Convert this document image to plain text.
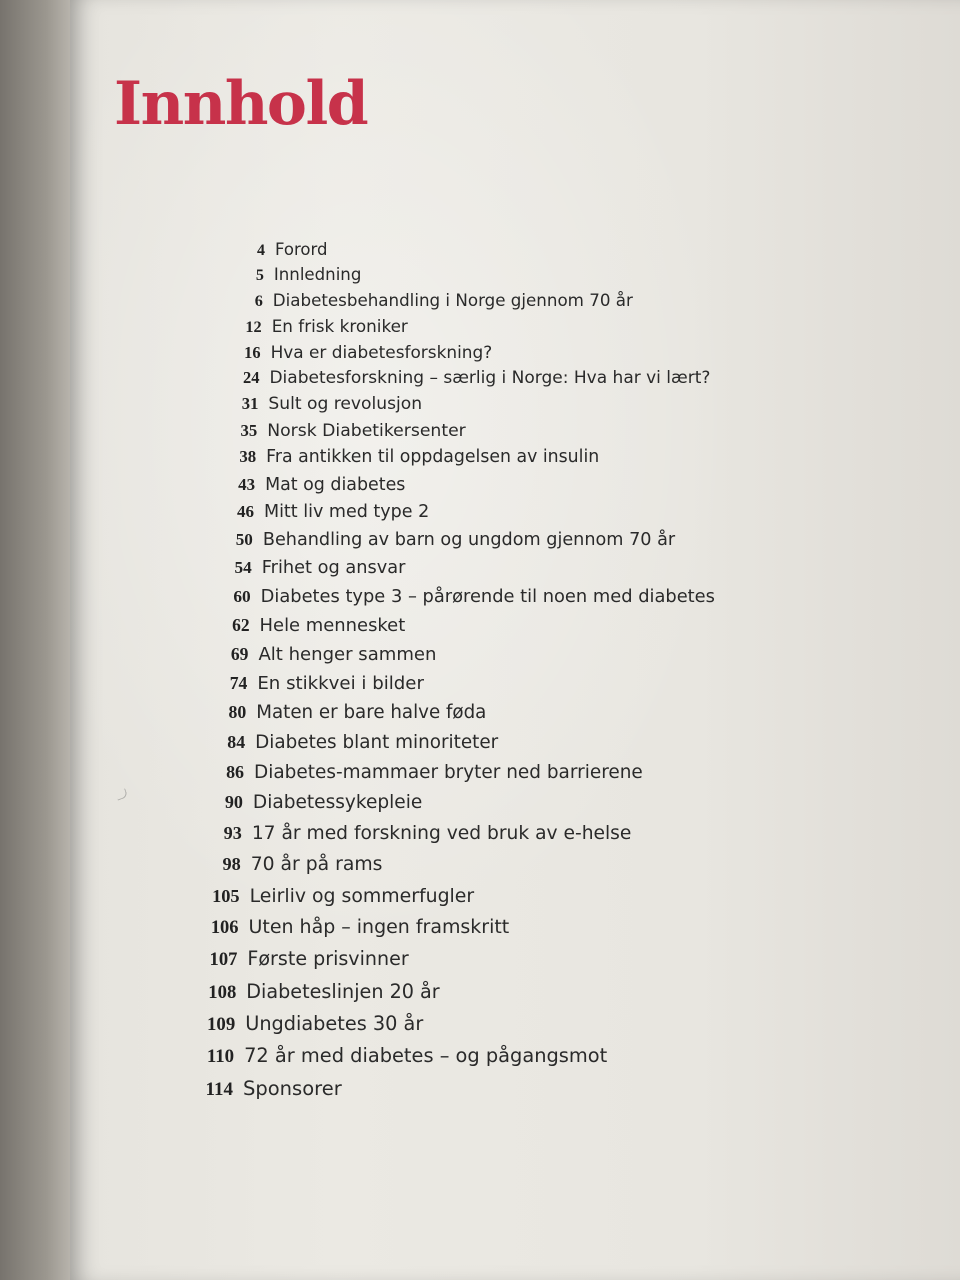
Innhold
4 Forord
5 Innledning
6 Diabetesbehandling i Norge gjennom 70 år
12 En frisk kroniker
16 Hva er diabetesforskning?
24 Diabetesforskning – særlig i Norge: Hva har vi lært?
31 Sult og revolusjon
35 Norsk Diabetikersenter
38 Fra antikken til oppdagelsen av insulin
43 Mat og diabetes
46 Mitt liv med type 2
50 Behandling av barn og ungdom gjennom 70 år
54 Frihet og ansvar
60 Diabetes type 3 – pårørende til noen med diabetes
62 Hele mennesket
69 Alt henger sammen
74 En stikkvei i bilder
80 Maten er bare halve føda
84 Diabetes blant minoriteter
86 Diabetes-mammaer bryter ned barrierene
90 Diabetessykepleie
93 17 år med forskning ved bruk av e-helse
98 70 år på rams
105 Leirliv og sommerfugler
106 Uten håp – ingen framskritt
107 Første prisvinner
108 Diabeteslinjen 20 år
109 Ungdiabetes 30 år
110 72 år med diabetes – og pågangsmot
114 Sponsorer
